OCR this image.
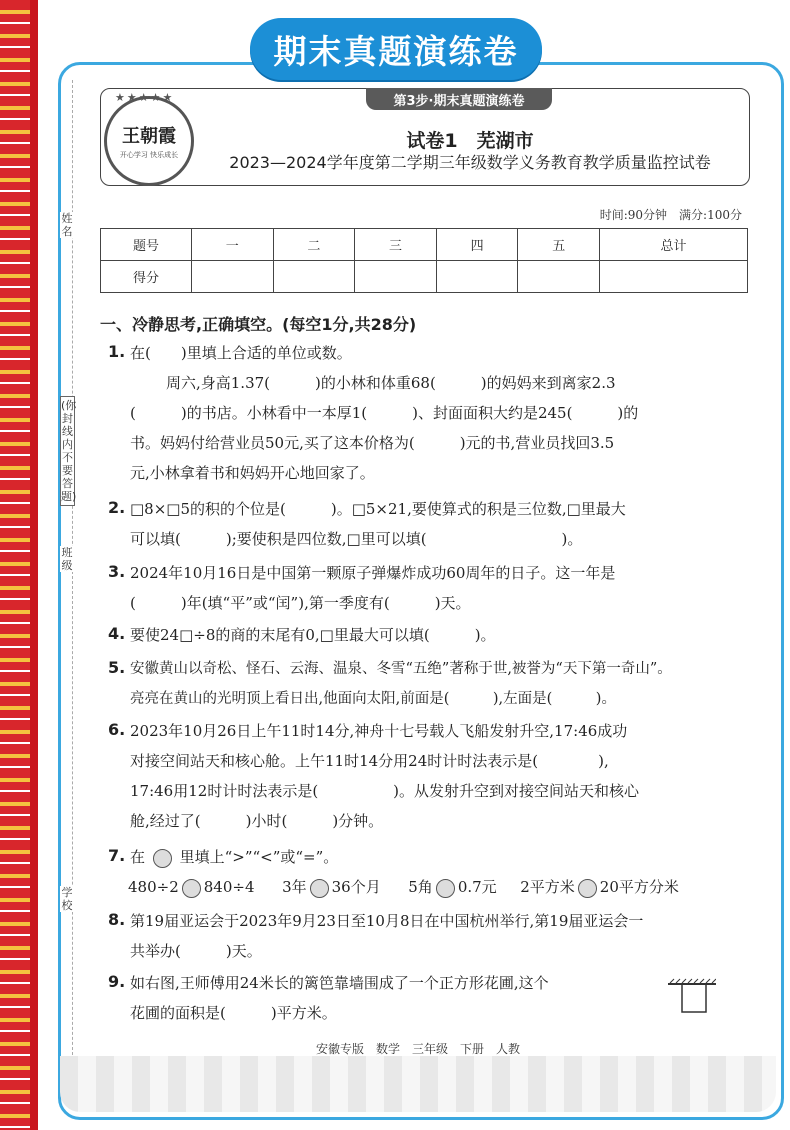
期末真题演练卷
姓名
(你封线内不要答题)
班级
学校
第3步·期末真题演练卷
★★★★★
王朝霞
开心学习 快乐成长
试卷1　芜湖市
2023—2024学年度第二学期三年级数学义务教育教学质量监控试卷
时间:90分钟　满分:100分
题号	一	二	三	四	五	总计
得分						
一、冷静思考,正确填空。(每空1分,共28分)
1. 在(　　)里填上合适的单位或数。
周六,身高1.37(　　　)的小林和体重68(　　　)的妈妈来到离家2.3
(　　　)的书店。小林看中一本厚1(　　　)、封面面积大约是245(　　　)的
书。妈妈付给营业员50元,买了这本价格为(　　　)元的书,营业员找回3.5
元,小林拿着书和妈妈开心地回家了。
2. □8×□5的积的个位是(　　　)。□5×21,要使算式的积是三位数,□里最大
可以填(　　　);要使积是四位数,□里可以填(　　　　　　　　　)。
3. 2024年10月16日是中国第一颗原子弹爆炸成功60周年的日子。这一年是
(　　　)年(填“平”或“闰”),第一季度有(　　　)天。
4. 要使24□÷8的商的末尾有0,□里最大可以填(　　　)。
5. 安徽黄山以奇松、怪石、云海、温泉、冬雪“五绝”著称于世,被誉为“天下第一奇山”。
亮亮在黄山的光明顶上看日出,他面向太阳,前面是(　　　),左面是(　　　)。
6. 2023年10月26日上午11时14分,神舟十七号载人飞船发射升空,17:46成功
对接空间站天和核心舱。上午11时14分用24时计时法表示是(　　　　),
17:46用12时计时法表示是(　　　　　)。从发射升空到对接空间站天和核心
舱,经过了(　　　)小时(　　　)分钟。
7. 在 里填上“>”“<”或“=”。
480÷2 840÷4 3年 36个月 5角 0.7元 2平方米 20平方分米
8. 第19届亚运会于2023年9月23日至10月8日在中国杭州举行,第19届亚运会一
共举办(　　　)天。
9. 如右图,王师傅用24米长的篱笆靠墙围成了一个正方形花圃,这个
花圃的面积是(　　　)平方米。
安徽专版　数学　三年级　下册　人教
